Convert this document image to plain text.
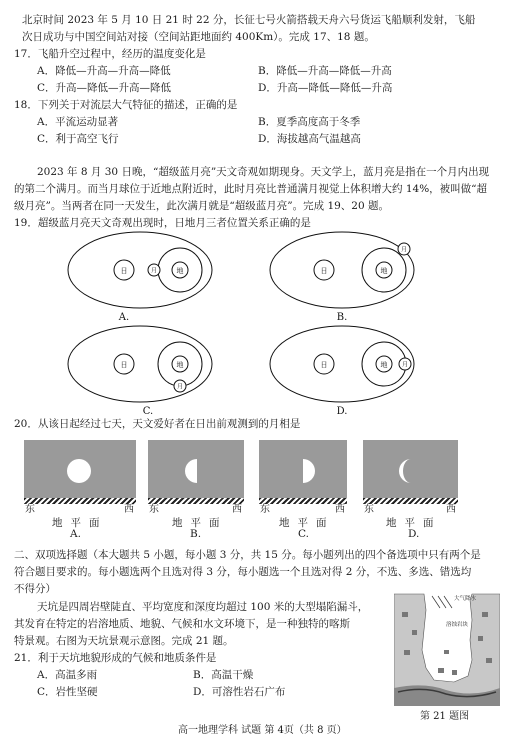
北京时间 2023 年 5 月 10 日 21 时 22 分，长征七号火箭搭载天舟六号货运飞船顺利发射，飞船
次日成功与中国空间站对接（空间站距地面约 400Km）。完成 17、18 题。
17．飞船升空过程中，经历的温度变化是
A．降低—升高—升高—降低	B．降低—升高—降低—升高
C．升高—降低—升高—降低	D．升高—降低—降低—升高
18．下列关于对流层大气特征的描述，正确的是
A．平流运动显著	B．夏季高度高于冬季
C．利于高空飞行	D．海拔越高气温越高
2023 年 8 月 30 日晚，“超级蓝月亮”天文奇观如期现身。天文学上，蓝月亮是指在一个月内出现
的第二个满月。而当月球位于近地点附近时，此时月亮比普通满月视觉上体积增大约 14%，被叫做“超
级月亮”。当两者在同一天发生，此次满月就是“超级蓝月亮”。完成 19、20 题。
19．超级蓝月亮天文奇观出现时，日地月三者位置关系正确的是
日	地
月	日	地
月
日	地
月
日	地 月
A.	B.
C.	D.
20．从该日起经过七天，天文爱好者在日出前观测到的月相是
东	西 东	西 东	西 东	西
地平面	地平面	地平面	地平面
A.	B.	C.	D.
二、双项选择题（本大题共 5 小题，每小题 3 分，共 15 分。每小题列出的四个备选项中只有两个是
符合题目要求的。每小题选两个且选对得 3 分，每小题选一个且选对得 2 分，不选、多选、错选均
不得分）
天坑是四周岩壁陡直、平均宽度和深度均超过 100 米的大型塌陷漏斗，
其发育在特定的岩溶地质、地貌、气候和水文环境下，是一种独特的喀斯
特景观。右图为天坑景观示意图。完成 21 题。
21．利于天坑地貌形成的气候和地质条件是
A．高温多雨	B．高温干燥
C．岩性坚硬	D．可溶性岩石广布
大气降水
溶蚀岩块
第 21 题图
高一地理学科 试题 第 4页（共 8 页）
